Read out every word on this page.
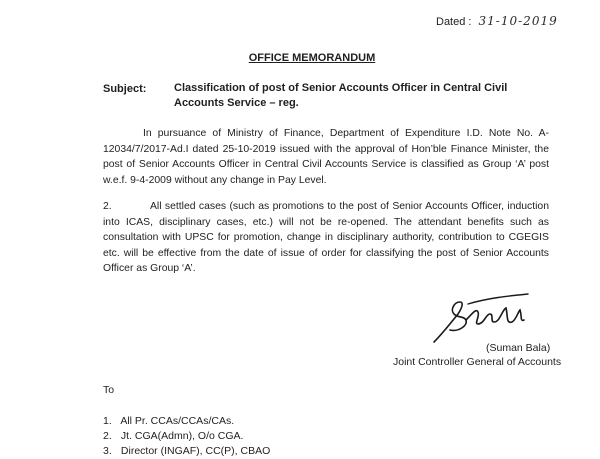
Dated : 31-10-2019
OFFICE MEMORANDUM
Subject:	Classification of post of Senior Accounts Officer in Central Civil Accounts Service – reg.
In pursuance of Ministry of Finance, Department of Expenditure I.D. Note No. A-12034/7/2017-Ad.I dated 25-10-2019 issued with the approval of Hon’ble Finance Minister, the post of Senior Accounts Officer in Central Civil Accounts Service is classified as Group ‘A’ post w.e.f. 9-4-2009 without any change in Pay Level.
2.	All settled cases (such as promotions to the post of Senior Accounts Officer, induction into ICAS, disciplinary cases, etc.) will not be re-opened. The attendant benefits such as consultation with UPSC for promotion, change in disciplinary authority, contribution to CGEGIS etc. will be effective from the date of issue of order for classifying the post of Senior Accounts Officer as Group ‘A’.
(Suman Bala)
Joint Controller General of Accounts
To
1. All Pr. CCAs/CCAs/CAs.
2. Jt. CGA(Admn), O/o CGA.
3. Director (INGAF), CC(P), CBAO
